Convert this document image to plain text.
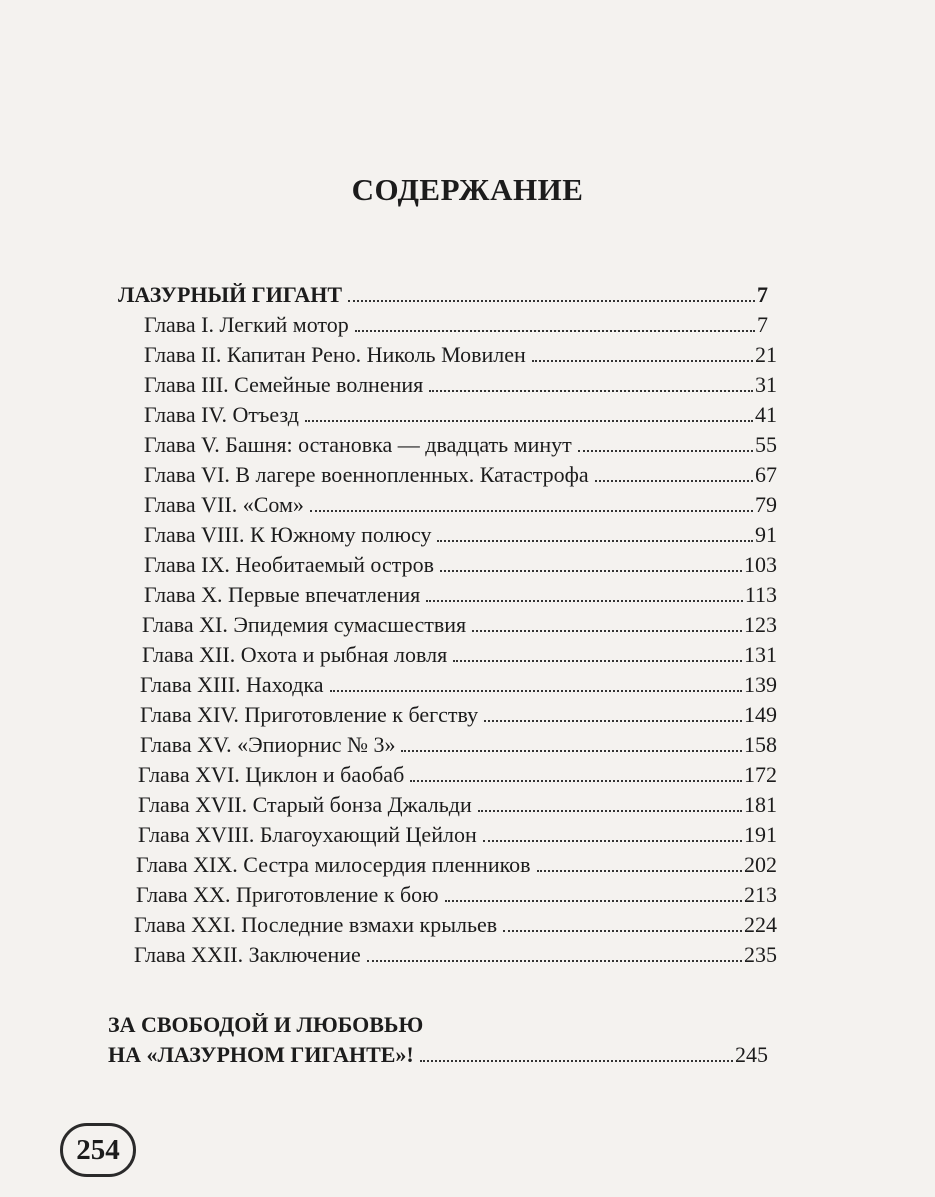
СОДЕРЖАНИЕ
ЛАЗУРНЫЙ ГИГАНТ	7
Глава I. Легкий мотор	7
Глава II. Капитан Рено. Николь Мовилен	21
Глава III. Семейные волнения	31
Глава IV. Отъезд	41
Глава V. Башня: остановка — двадцать минут	55
Глава VI. В лагере военнопленных. Катастрофа	67
Глава VII. «Сом»	79
Глава VIII. К Южному полюсу	91
Глава IX. Необитаемый остров	103
Глава X. Первые впечатления	113
Глава XI. Эпидемия сумасшествия	123
Глава XII. Охота и рыбная ловля	131
Глава XIII. Находка	139
Глава XIV. Приготовление к бегству	149
Глава XV. «Эпиорнис № 3»	158
Глава XVI. Циклон и баобаб	172
Глава XVII. Старый бонза Джальди	181
Глава XVIII. Благоухающий Цейлон	191
Глава XIX. Сестра милосердия пленников	202
Глава XX. Приготовление к бою	213
Глава XXI. Последние взмахи крыльев	224
Глава XXII. Заключение	235
ЗА СВОБОДОЙ И ЛЮБОВЬЮ
НА «ЛАЗУРНОМ ГИГАНТЕ»!	245
254
